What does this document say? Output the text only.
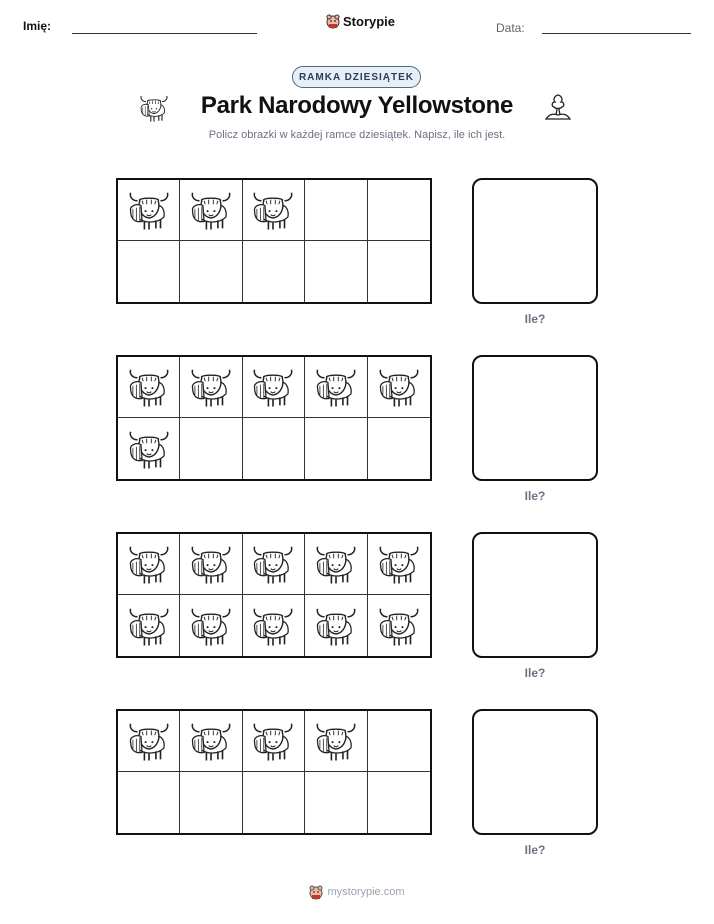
Imię:	Storypie	Data:
RAMKA DZIESIĄTEK
Park Narodowy Yellowstone
Policz obrazki w każdej ramce dziesiątek. Napisz, ile ich jest.
Ile?
Ile?
Ile?
Ile?
mystorypie.com
